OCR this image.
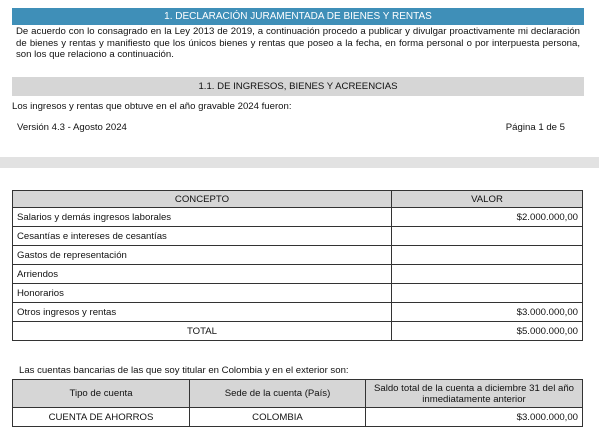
1. DECLARACIÓN JURAMENTADA DE BIENES Y RENTAS
De acuerdo con lo consagrado en la Ley 2013 de 2019, a continuación procedo a publicar y divulgar proactivamente mi declaración de bienes y rentas y manifiesto que los únicos bienes y rentas que poseo a la fecha, en forma personal o por interpuesta persona, son los que relaciono a continuación.
1.1. DE INGRESOS, BIENES Y ACREENCIAS
Los ingresos y rentas que obtuve en el año gravable 2024 fueron:
Versión 4.3 - Agosto 2024	Página 1 de 5
CONCEPTO	VALOR
Salarios y demás ingresos laborales	$2.000.000,00
Cesantías e intereses de cesantías	
Gastos de representación	
Arriendos	
Honorarios	
Otros ingresos y rentas	$3.000.000,00
TOTAL	$5.000.000,00
Las cuentas bancarias de las que soy titular en Colombia y en el exterior son:
Tipo de cuenta	Sede de la cuenta (País)	Saldo total de la cuenta a diciembre 31 del año inmediatamente anterior
CUENTA DE AHORROS	COLOMBIA	$3.000.000,00
